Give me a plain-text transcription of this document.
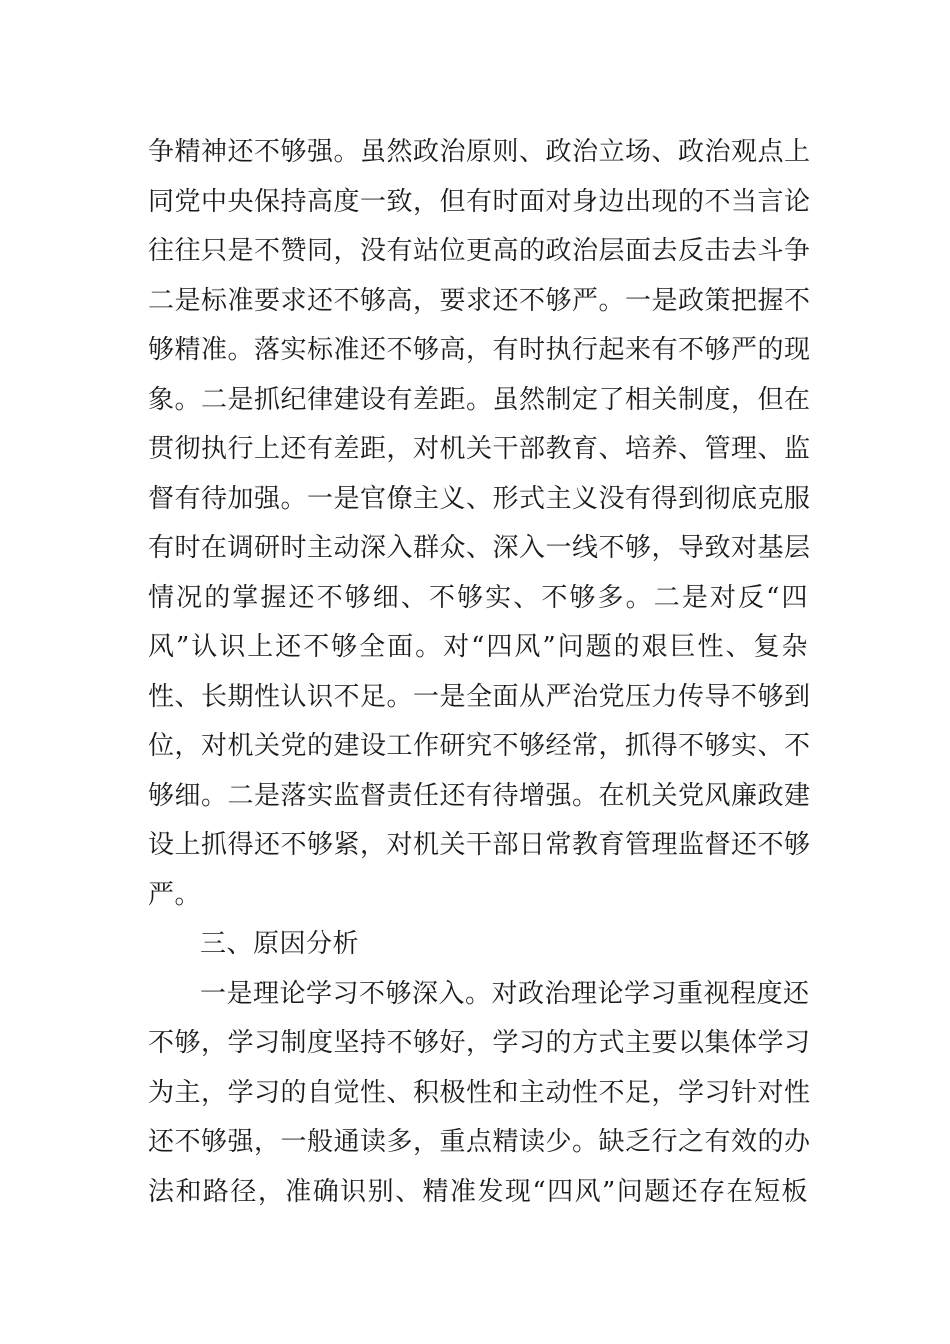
争精神还不够强。虽然政治原则、政治立场、政治观点上
同党中央保持高度一致，但有时面对身边出现的不当言论
往往只是不赞同，没有站位更高的政治层面去反击去斗争
二是标准要求还不够高，要求还不够严。一是政策把握不
够精准。落实标准还不够高，有时执行起来有不够严的现
象。二是抓纪律建设有差距。虽然制定了相关制度，但在
贯彻执行上还有差距，对机关干部教育、培养、管理、监
督有待加强。一是官僚主义、形式主义没有得到彻底克服
有时在调研时主动深入群众、深入一线不够，导致对基层
情况的掌握还不够细、不够实、不够多。二是对反“四
风”认识上还不够全面。对“四风”问题的艰巨性、复杂
性、长期性认识不足。一是全面从严治党压力传导不够到
位，对机关党的建设工作研究不够经常，抓得不够实、不
够细。二是落实监督责任还有待增强。在机关党风廉政建
设上抓得还不够紧，对机关干部日常教育管理监督还不够
严。
三、原因分析
一是理论学习不够深入。对政治理论学习重视程度还
不够，学习制度坚持不够好，学习的方式主要以集体学习
为主，学习的自觉性、积极性和主动性不足，学习针对性
还不够强，一般通读多，重点精读少。缺乏行之有效的办
法和路径，准确识别、精准发现“四风”问题还存在短板
